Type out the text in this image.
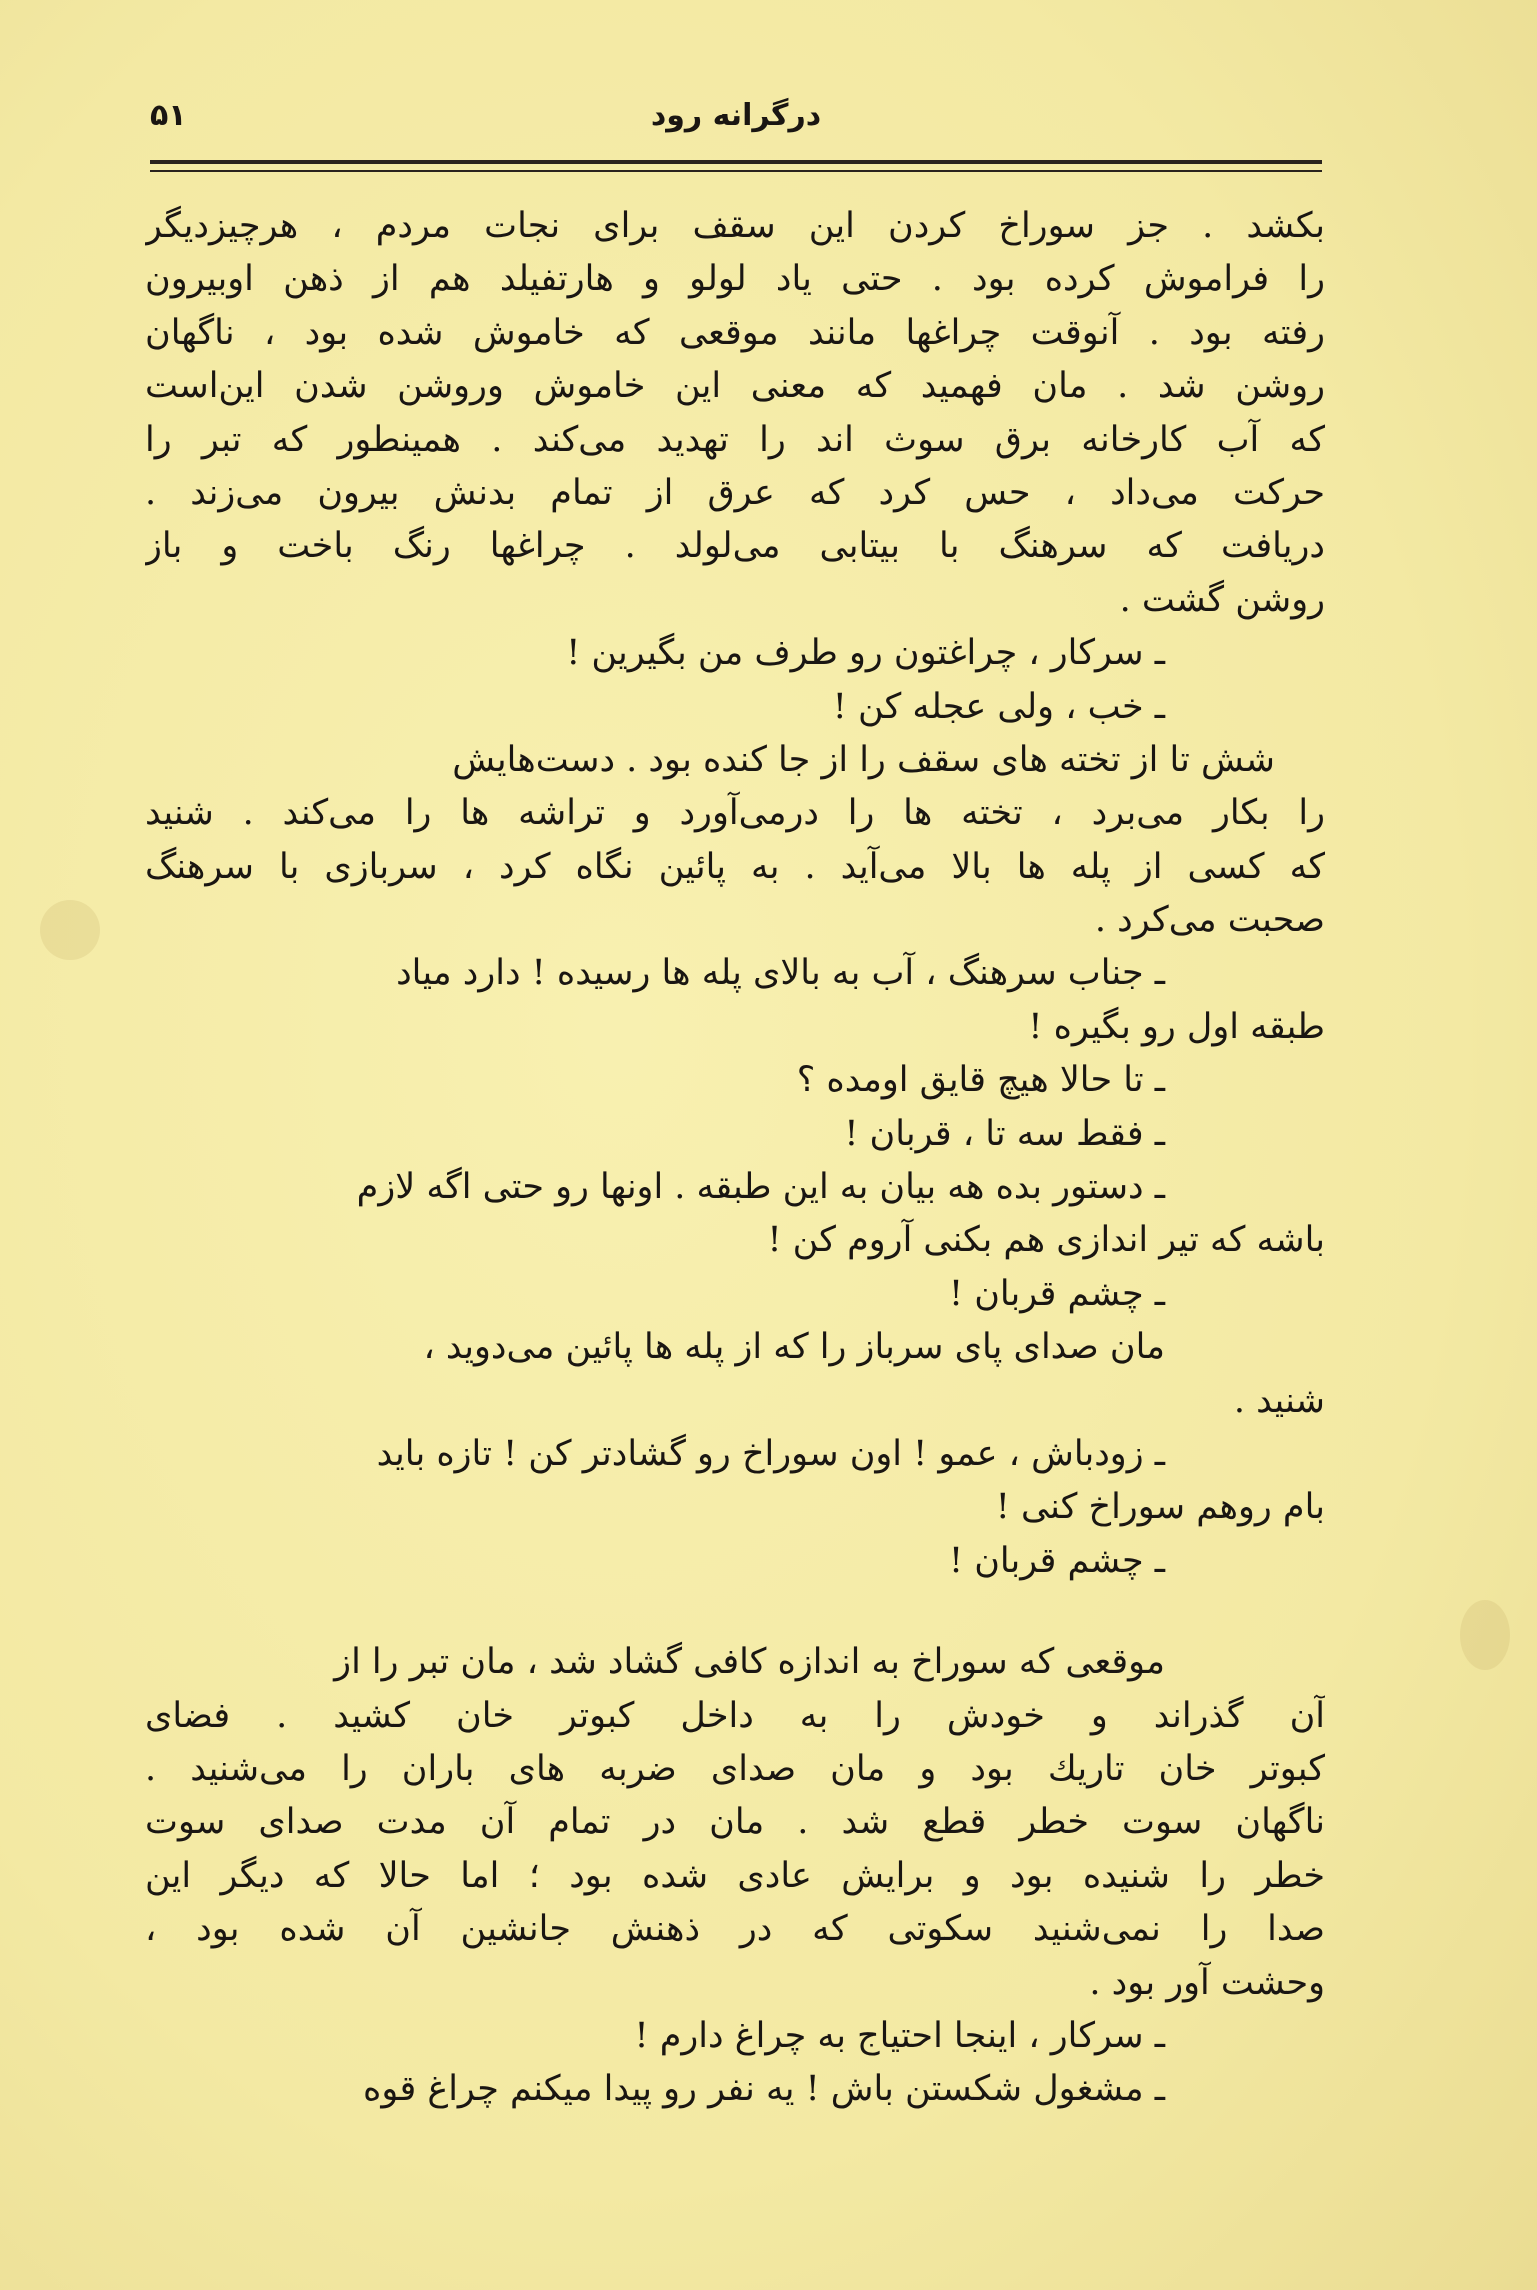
۵۱	درگرانه رود
بکشد . جز سوراخ کردن این سقف برای نجات مردم ، هرچیزدیگر
را فراموش کرده بود . حتی یاد لولو و هارتفیلد هم از ذهن اوبیرون
رفته بود . آنوقت چراغها مانند موقعی که خاموش شده بود ، ناگهان
روشن شد . مان فهمید که معنی این خاموش وروشن شدن این‌است
که آب کارخانه برق سوث اند را تهدید می‌کند . همینطور که تبر را
حرکت می‌داد ، حس کرد که عرق از تمام بدنش بیرون می‌زند .
دریافت که سرهنگ با بیتابی می‌لولد . چراغها رنگ باخت و باز
روشن گشت .
ـ سرکار ، چراغتون رو طرف من بگیرین !
ـ خب ، ولی عجله کن !
شش تا از تخته های سقف را از جا کنده بود . دست‌هایش
را بکار می‌برد ، تخته ها را درمی‌آورد و تراشه ها را می‌کند . شنید
که کسی از پله ها بالا می‌آید . به پائین نگاه کرد ، سربازی با سرهنگ
صحبت می‌کرد .
ـ جناب سرهنگ ، آب به بالای پله ها رسیده ! دارد میاد
طبقه اول رو بگیره !
ـ تا حالا هیچ قایق اومده ؟
ـ فقط سه تا ، قربان !
ـ دستور بده هه بیان به این طبقه . اونها رو حتی اگه لازم
باشه که تیر اندازی هم بکنی آروم کن !
ـ چشم قربان !
مان صدای پای سرباز را که از پله ها پائین می‌دوید ،
شنید .
ـ زودباش ، عمو ! اون سوراخ رو گشادتر کن ! تازه باید
بام روهم سوراخ کنی !
ـ چشم قربان !
موقعی که سوراخ به اندازه کافی گشاد شد ، مان تبر را از
آن گذراند و خودش را به داخل کبوتر خان کشید . فضای
کبوتر خان تاریك بود و مان صدای ضربه های باران را می‌شنید .
ناگهان سوت خطر قطع شد . مان در تمام آن مدت صدای سوت
خطر را شنیده بود و برایش عادی شده بود ؛ اما حالا که دیگر این
صدا را نمی‌شنید سکوتی که در ذهنش جانشین آن شده بود ،
وحشت آور بود .
ـ سرکار ، اینجا احتیاج به چراغ دارم !
ـ مشغول شکستن باش ! یه نفر رو پیدا میکنم چراغ قوه
